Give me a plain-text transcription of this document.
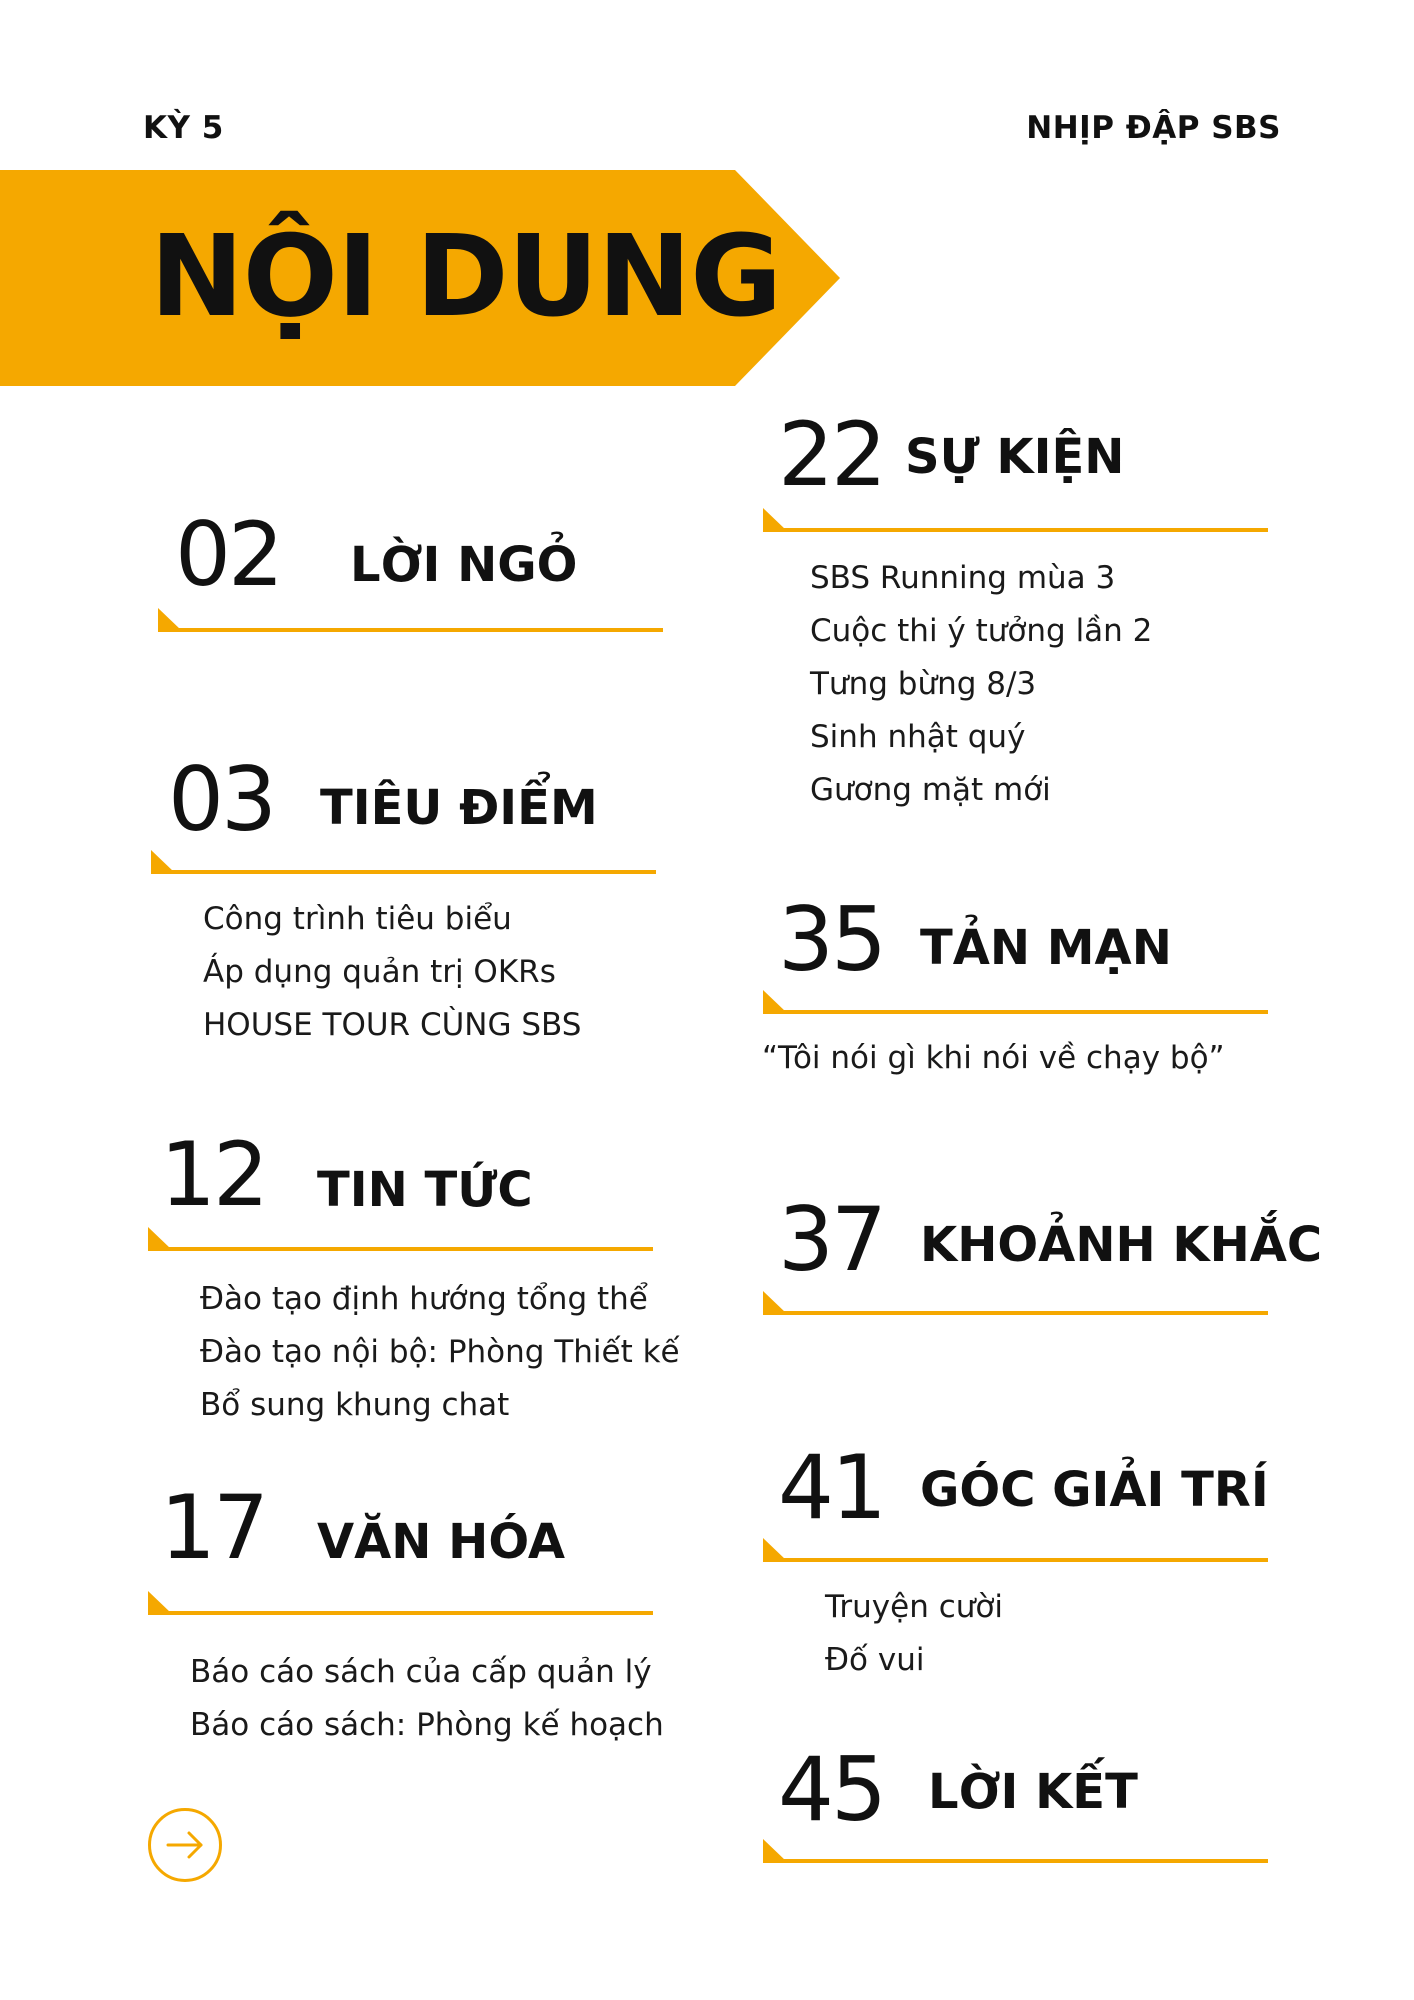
KỲ 5	NHỊP ĐẬP SBS
NỘI DUNG
02 LỜI NGỎ
03 TIÊU ĐIỂM
Công trình tiêu biểu
Áp dụng quản trị OKRs
HOUSE TOUR CÙNG SBS
12 TIN TỨC
Đào tạo định hướng tổng thể
Đào tạo nội bộ: Phòng Thiết kế
Bổ sung khung chat
17 VĂN HÓA
Báo cáo sách của cấp quản lý
Báo cáo sách: Phòng kế hoạch
22 SỰ KIỆN
SBS Running mùa 3
Cuộc thi ý tưởng lần 2
Tưng bừng 8/3
Sinh nhật quý
Gương mặt mới
35 TẢN MẠN
“Tôi nói gì khi nói về chạy bộ”
37 KHOẢNH KHẮC
41 GÓC GIẢI TRÍ
Truyện cười
Đố vui
45 LỜI KẾT
